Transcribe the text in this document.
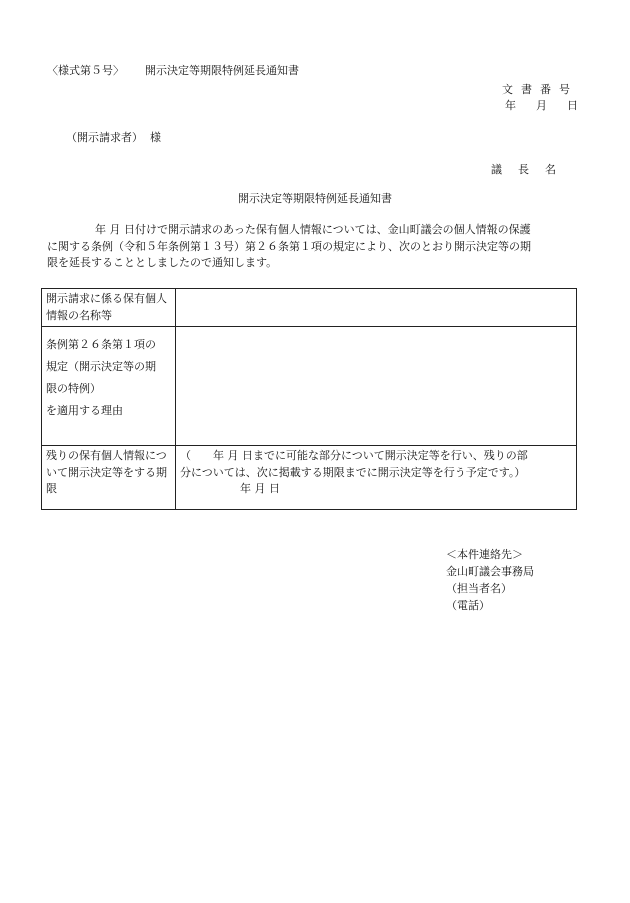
〈様式第５号〉 開示決定等期限特例延長通知書
文書番号
年 月 日
（開示請求者） 様
議長名
開示決定等期限特例延長通知書

年 月 日付けで開示請求のあった保有個人情報については、金山町議会の個人情報の保護

に関する条例（令和５年条例第１３号）第２６条第１項の規定により、次のとおり開示決定等の期

限を延長することとしましたので通知します。

開示請求に係る保有個人情報の名称等	

条例第２６条第１項の
規定（開示決定等の期
限の特例）
を適用する理由	

残りの保有個人情報について開示決定等をする期限	（　　年 月 日までに可能な部分について開示決定等を行い、残りの部
分については、次に掲載する期限までに開示決定等を行う予定です。）
年 月 日
＜本件連絡先＞
金山町議会事務局
（担当者名）
（電話）
